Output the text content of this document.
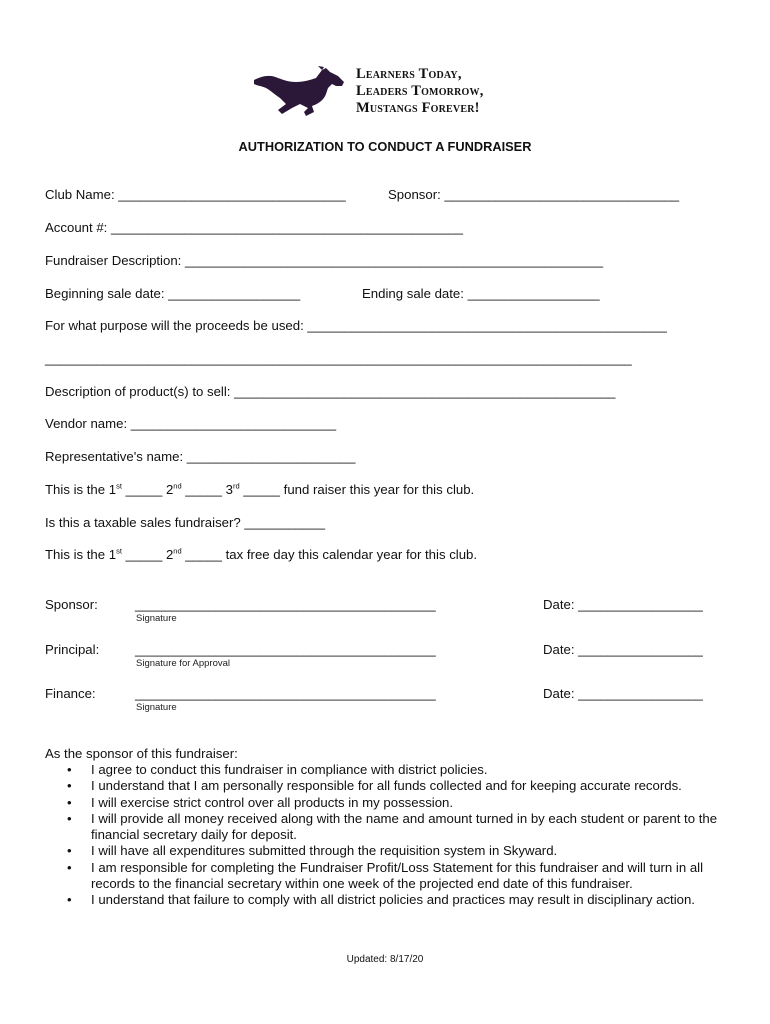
Learners Today,
Leaders Tomorrow,
Mustangs Forever!
AUTHORIZATION TO CONDUCT A FUNDRAISER
Club Name: _______________________________	Sponsor: ________________________________
Account #: ________________________________________________
Fundraiser Description: _________________________________________________________
Beginning sale date: __________________	Ending sale date: __________________
For what purpose will the proceeds be used: _________________________________________________
________________________________________________________________________________
Description of product(s) to sell: ____________________________________________________
Vendor name: ____________________________
Representative's name: _______________________
This is the 1st _____ 2nd _____ 3rd _____ fund raiser this year for this club.
Is this a taxable sales fundraiser? ___________
This is the 1st _____ 2nd _____ tax free day this calendar year for this club.
Sponsor:	_________________________________________
Signature
Date: _________________
Principal:	_________________________________________
Signature for Approval
Date: _________________
Finance:	_________________________________________
Signature
Date: _________________
As the sponsor of this fundraiser:
• I agree to conduct this fundraiser in compliance with district policies.
• I understand that I am personally responsible for all funds collected and for keeping accurate records.
• I will exercise strict control over all products in my possession.
• I will provide all money received along with the name and amount turned in by each student or parent to the financial secretary daily for deposit.
• I will have all expenditures submitted through the requisition system in Skyward.
• I am responsible for completing the Fundraiser Profit/Loss Statement for this fundraiser and will turn in all records to the financial secretary within one week of the projected end date of this fundraiser.
• I understand that failure to comply with all district policies and practices may result in disciplinary action.
Updated: 8/17/20
